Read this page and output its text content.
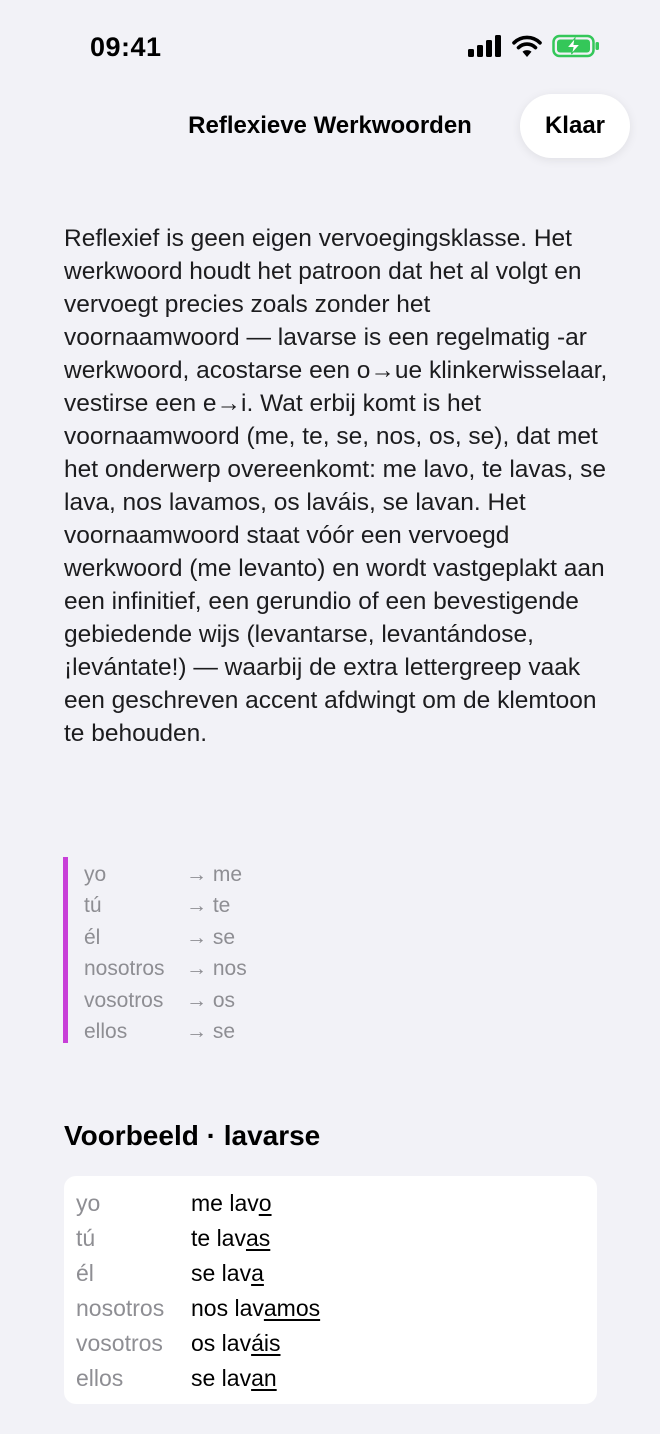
09:41
Reflexieve Werkwoorden	Klaar

Reflexief is geen eigen vervoegingsklasse. Het werkwoord houdt het patroon dat het al volgt en vervoegt precies zoals zonder het voornaamwoord — lavarse is een regelmatig -ar werkwoord, acostarse een o→ue klinkerwisselaar, vestirse een e→i. Wat erbij komt is het voornaamwoord (me, te, se, nos, os, se), dat met het onderwerp overeenkomt: me lavo, te lavas, se lava, nos lavamos, os laváis, se lavan. Het voornaamwoord staat vóór een vervoegd werkwoord (me levanto) en wordt vastgeplakt aan een infinitief, een gerundio of een bevestigende gebiedende wijs (levantarse, levantándose, ¡levántate!) — waarbij de extra lettergreep vaak een geschreven accent afdwingt om de klemtoon te behouden.

yo	→ me
tú	→ te
él	→ se
nosotros	→ nos
vosotros	→ os
ellos	→ se
Voorbeeld · lavarse
yo	me lavo
tú	te lavas
él	se lava
nosotros	nos lavamos
vosotros	os laváis
ellos	se lavan
